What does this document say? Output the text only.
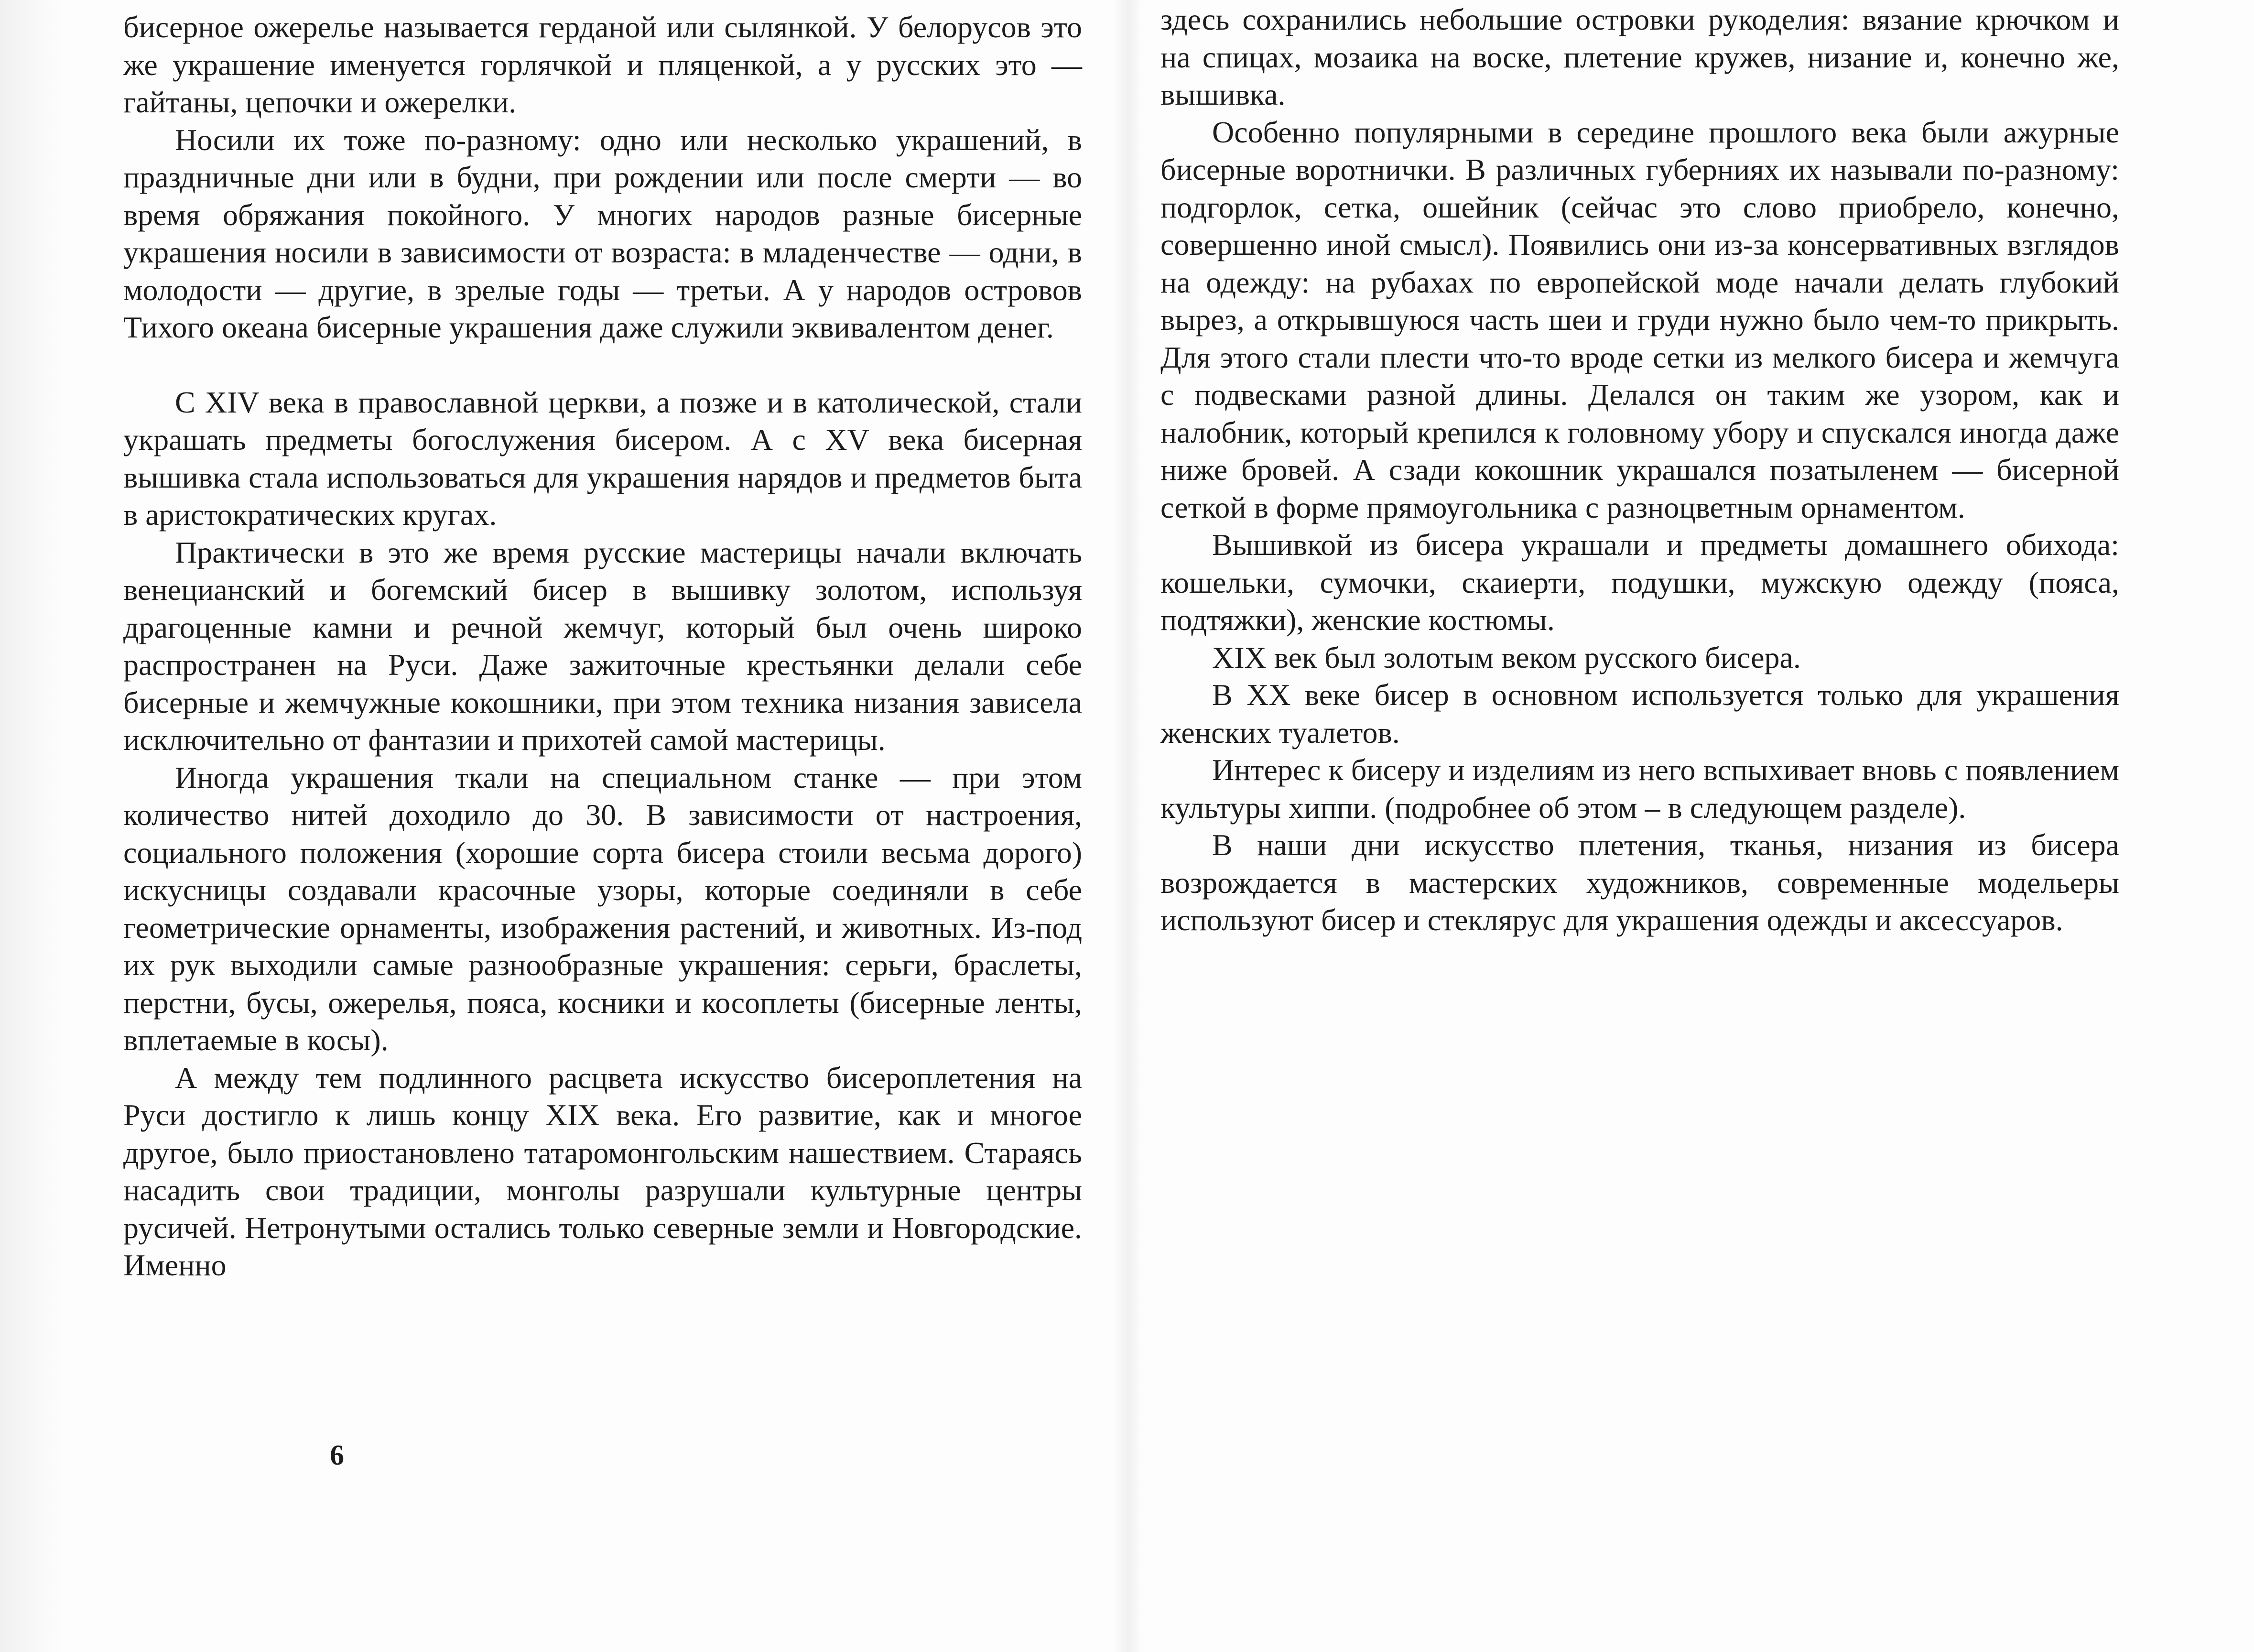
бисерное ожерелье называется герданой или сылянкой. У белорусов это же украшение именуется горлячкой и пляценкой, а у русских это — гайтаны, цепочки и ожерелки.

Носили их тоже по-разному: одно или несколько украшений, в праздничные дни или в будни, при рождении или после смерти — во время обряжания покойного. У многих народов разные бисерные украшения носили в зависимости от возраста: в младенчестве — одни, в молодости — другие, в зрелые годы — третьи. А у народов островов Тихого океана бисерные украшения даже служили эквивалентом денег.

С XIV века в православной церкви, а позже и в католической, стали украшать предметы богослужения бисером. А с XV века бисерная вышивка стала использоваться для украшения нарядов и предметов быта в аристократических кругах.

Практически в это же время русские мастерицы начали включать венецианский и богемский бисер в вышивку золотом, используя драгоценные камни и речной жемчуг, который был очень широко распространен на Руси. Даже зажиточные крестьянки делали себе бисерные и жемчужные кокошники, при этом техника низания зависела исключительно от фантазии и прихотей самой мастерицы.

Иногда украшения ткали на специальном станке — при этом количество нитей доходило до 30. В зависимости от настроения, социального положения (хорошие сорта бисера стоили весьма дорого) искусницы создавали красочные узоры, которые соединяли в себе геометрические орнаменты, изображения растений, и животных. Из-под их рук выходили самые разнообразные украшения: серьги, браслеты, перстни, бусы, ожерелья, пояса, косники и косоплеты (бисерные ленты, вплетаемые в косы).

А между тем подлинного расцвета искусство бисероплетения на Руси достигло к лишь концу XIX века. Его развитие, как и многое другое, было приостановлено татаромонгольским нашествием. Стараясь насадить свои традиции, монголы разрушали культурные центры русичей. Нетронутыми остались только северные земли и Новгородские. Именно

6

здесь сохранились небольшие островки рукоделия: вязание крючком и на спицах, мозаика на воске, плетение кружев, низание и, конечно же, вышивка.

Особенно популярными в середине прошлого века были ажурные бисерные воротнички. В различных губерниях их называли по-разному: подгорлок, сетка, ошейник (сейчас это слово приобрело, конечно, совершенно иной смысл). Появились они из-за консервативных взглядов на одежду: на рубахах по европейской моде начали делать глубокий вырез, а открывшуюся часть шеи и груди нужно было чем-то прикрыть. Для этого стали плести что-то вроде сетки из мелкого бисера и жемчуга с подвесками разной длины. Делался он таким же узором, как и налобник, который крепился к головному убору и спускался иногда даже ниже бровей. А сзади кокошник украшался позатыленем — бисерной сеткой в форме прямоугольника с разноцветным орнаментом.

Вышивкой из бисера украшали и предметы домашнего обихода: кошельки, сумочки, скаиерти, подушки, мужскую одежду (пояса, подтяжки), женские костюмы.

XIX век был золотым веком русского бисера.

В XX веке бисер в основном используется только для украшения женских туалетов.

Интерес к бисеру и изделиям из него вспыхивает вновь с появлением культуры хиппи. (подробнее об этом – в следующем разделе).

В наши дни искусство плетения, тканья, низания из бисера возрождается в мастерских художников, современные модельеры используют бисер и стеклярус для украшения одежды и аксессуаров.
